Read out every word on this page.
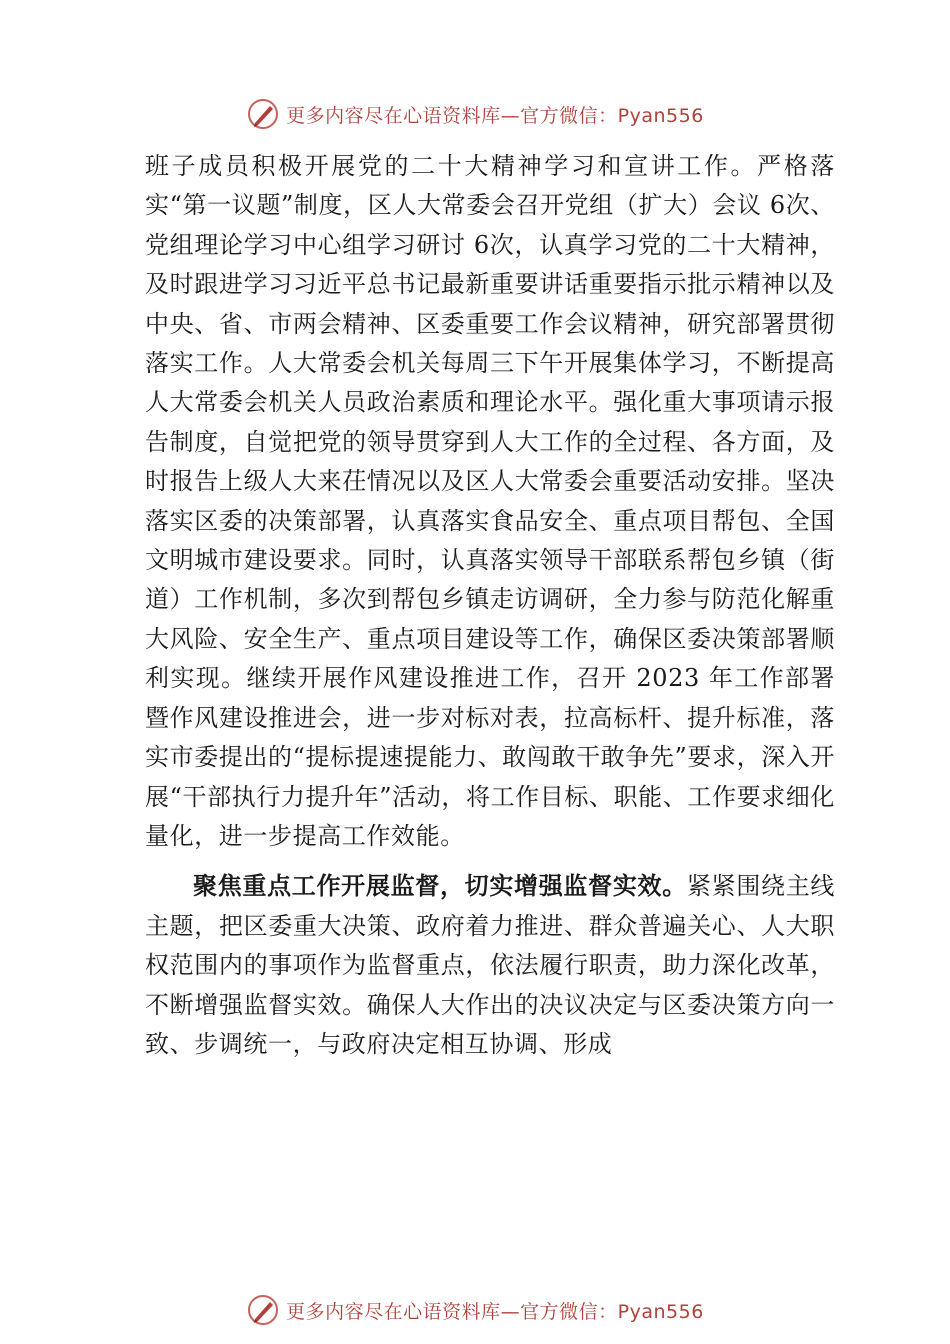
更多内容尽在心语资料库—官方微信：Pyan556

班子成员积极开展党的二十大精神学习和宣讲工作。严格落实“第一议题”制度，区人大常委会召开党组（扩大）会议 6次、党组理论学习中心组学习研讨 6次，认真学习党的二十大精神，及时跟进学习习近平总书记最新重要讲话重要指示批示精神以及中央、省、市两会精神、区委重要工作会议精神，研究部署贯彻落实工作。人大常委会机关每周三下午开展集体学习，不断提高人大常委会机关人员政治素质和理论水平。强化重大事项请示报告制度，自觉把党的领导贯穿到人大工作的全过程、各方面，及时报告上级人大来茌情况以及区人大常委会重要活动安排。坚决落实区委的决策部署，认真落实食品安全、重点项目帮包、全国文明城市建设要求。同时，认真落实领导干部联系帮包乡镇（街道）工作机制，多次到帮包乡镇走访调研，全力参与防范化解重大风险、安全生产、重点项目建设等工作，确保区委决策部署顺利实现。继续开展作风建设推进工作，召开 2023 年工作部署暨作风建设推进会，进一步对标对表，拉高标杆、提升标准，落实市委提出的“提标提速提能力、敢闯敢干敢争先”要求，深入开展“干部执行力提升年”活动，将工作目标、职能、工作要求细化量化，进一步提高工作效能。

聚焦重点工作开展监督，切实增强监督实效。紧紧围绕主线主题，把区委重大决策、政府着力推进、群众普遍关心、人大职权范围内的事项作为监督重点，依法履行职责，助力深化改革，不断增强监督实效。确保人大作出的决议决定与区委决策方向一致、步调统一，与政府决定相互协调、形成

更多内容尽在心语资料库—官方微信：Pyan556
